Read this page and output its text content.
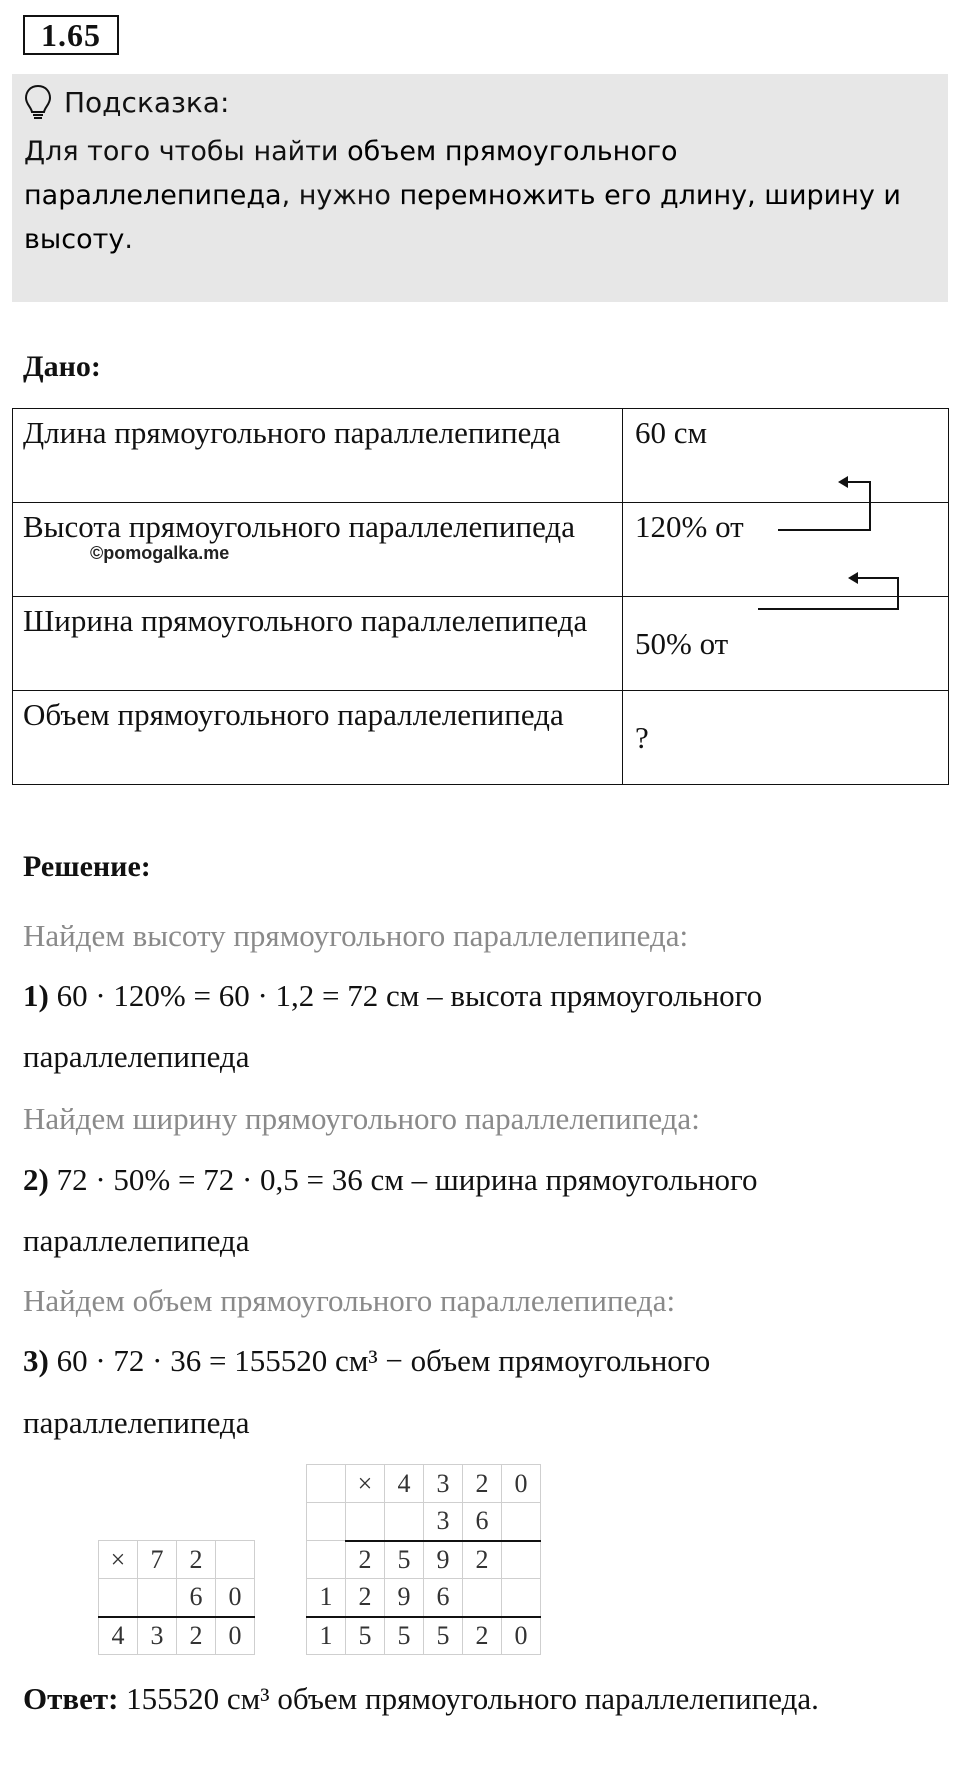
1.65
Подсказка:
Для того чтобы найти объем прямоугольного параллелепипеда, нужно перемножить его длину, ширину и высоту.
Дано:
Длина прямоугольного параллелепипеда	60 см
Высота прямоугольного параллелепипеда	120% от
Ширина прямоугольного параллелепипеда	50% от
Объем прямоугольного параллелепипеда	?
©pomogalka.me
Решение:
Найдем высоту прямоугольного параллелепипеда:
1) 60 · 120% = 60 · 1,2 = 72 см – высота прямоугольного
параллелепипеда
Найдем ширину прямоугольного параллелепипеда:
2) 72 · 50% = 72 · 0,5 = 36 см – ширина прямоугольного
параллелепипеда
Найдем объем прямоугольного параллелепипеда:
3) 60 · 72 · 36 = 155520 см³ − объем прямоугольного
параллелепипеда
×	7	2	
		6	0
4	3	2	0
	×	4	3	2	0
			3	6	
	2	5	9	2	
1	2	9	6		
1	5	5	5	2	0
Ответ: 155520 см³ объем прямоугольного параллелепипеда.
